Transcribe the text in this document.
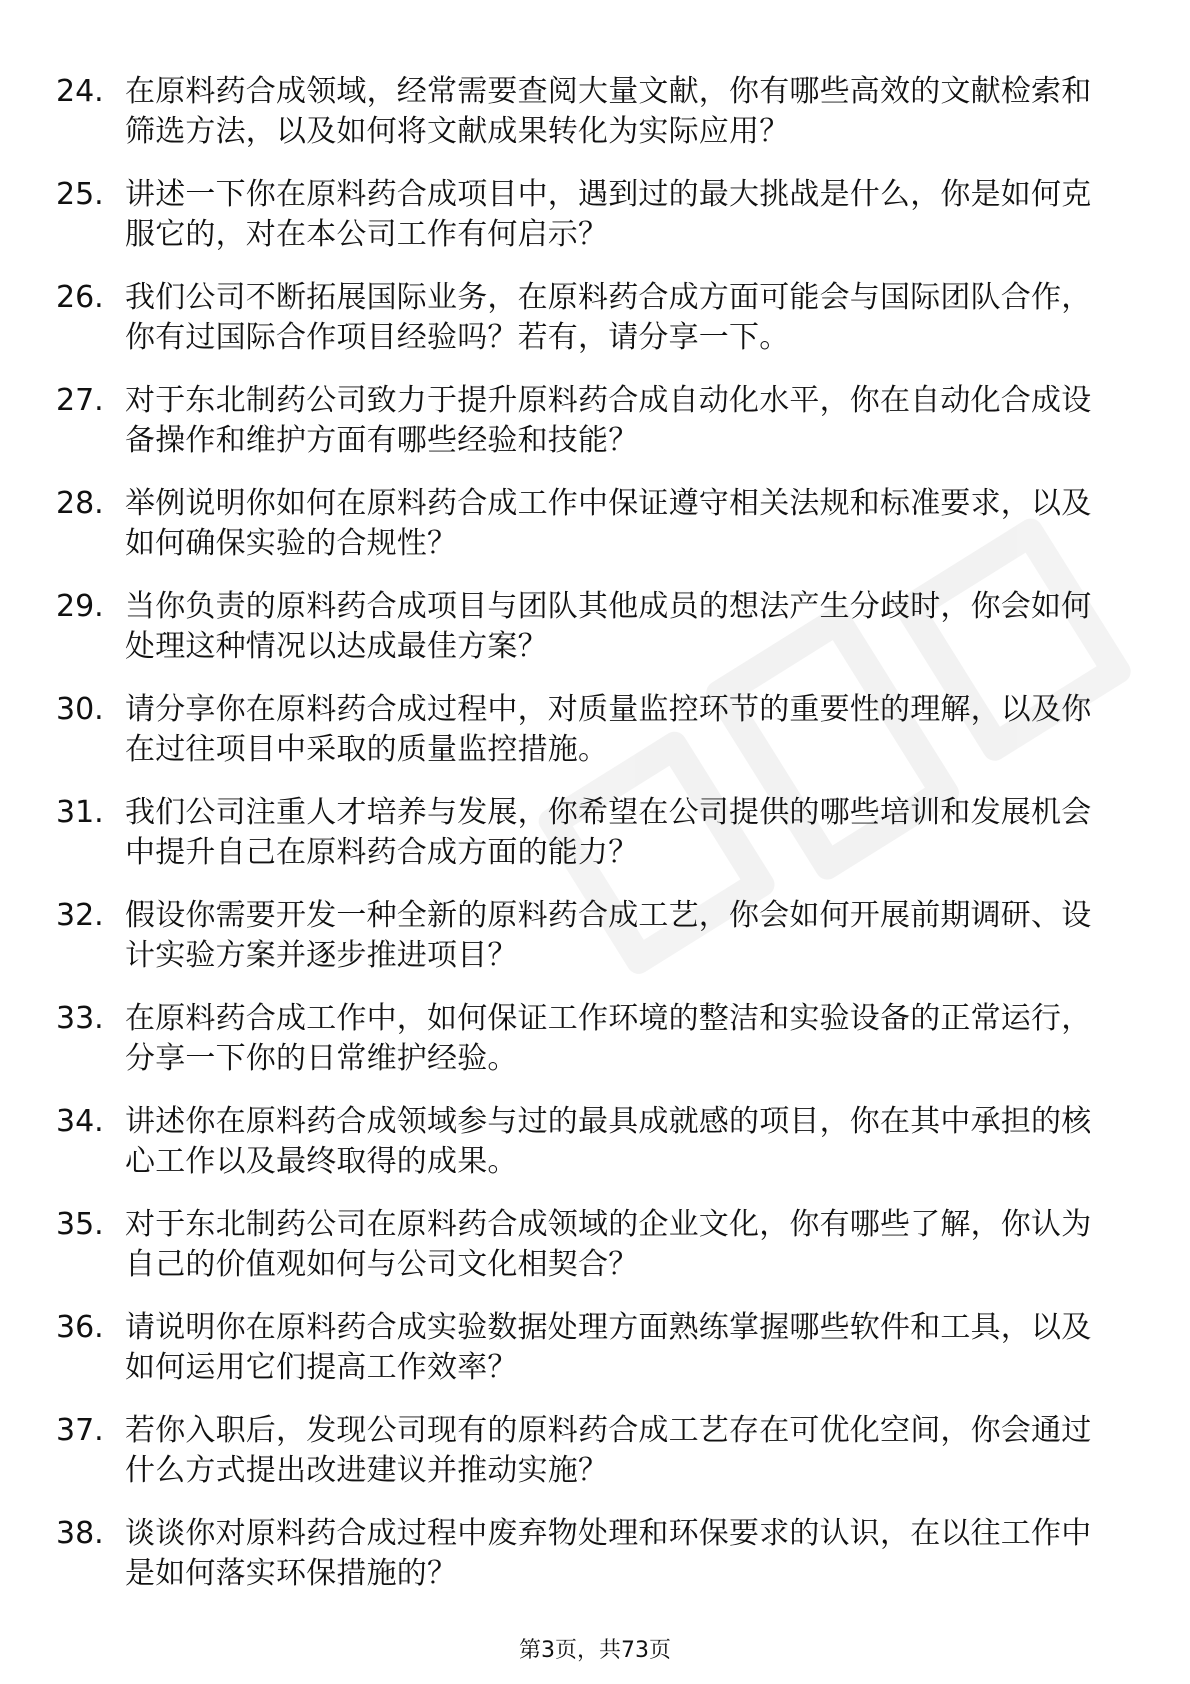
24. 在原料药合成领域，经常需要查阅大量文献，你有哪些高效的文献检索和筛选方法，以及如何将文献成果转化为实际应用？
25. 讲述一下你在原料药合成项目中，遇到过的最大挑战是什么，你是如何克服它的，对在本公司工作有何启示？
26. 我们公司不断拓展国际业务，在原料药合成方面可能会与国际团队合作，你有过国际合作项目经验吗？若有，请分享一下。
27. 对于东北制药公司致力于提升原料药合成自动化水平，你在自动化合成设备操作和维护方面有哪些经验和技能？
28. 举例说明你如何在原料药合成工作中保证遵守相关法规和标准要求，以及如何确保实验的合规性？
29. 当你负责的原料药合成项目与团队其他成员的想法产生分歧时，你会如何处理这种情况以达成最佳方案？
30. 请分享你在原料药合成过程中，对质量监控环节的重要性的理解，以及你在过往项目中采取的质量监控措施。
31. 我们公司注重人才培养与发展，你希望在公司提供的哪些培训和发展机会中提升自己在原料药合成方面的能力？
32. 假设你需要开发一种全新的原料药合成工艺，你会如何开展前期调研、设计实验方案并逐步推进项目？
33. 在原料药合成工作中，如何保证工作环境的整洁和实验设备的正常运行，分享一下你的日常维护经验。
34. 讲述你在原料药合成领域参与过的最具成就感的项目，你在其中承担的核心工作以及最终取得的成果。
35. 对于东北制药公司在原料药合成领域的企业文化，你有哪些了解，你认为自己的价值观如何与公司文化相契合？
36. 请说明你在原料药合成实验数据处理方面熟练掌握哪些软件和工具，以及如何运用它们提高工作效率？
37. 若你入职后，发现公司现有的原料药合成工艺存在可优化空间，你会通过什么方式提出改进建议并推动实施？
38. 谈谈你对原料药合成过程中废弃物处理和环保要求的认识，在以往工作中是如何落实环保措施的？
第3页，共73页
